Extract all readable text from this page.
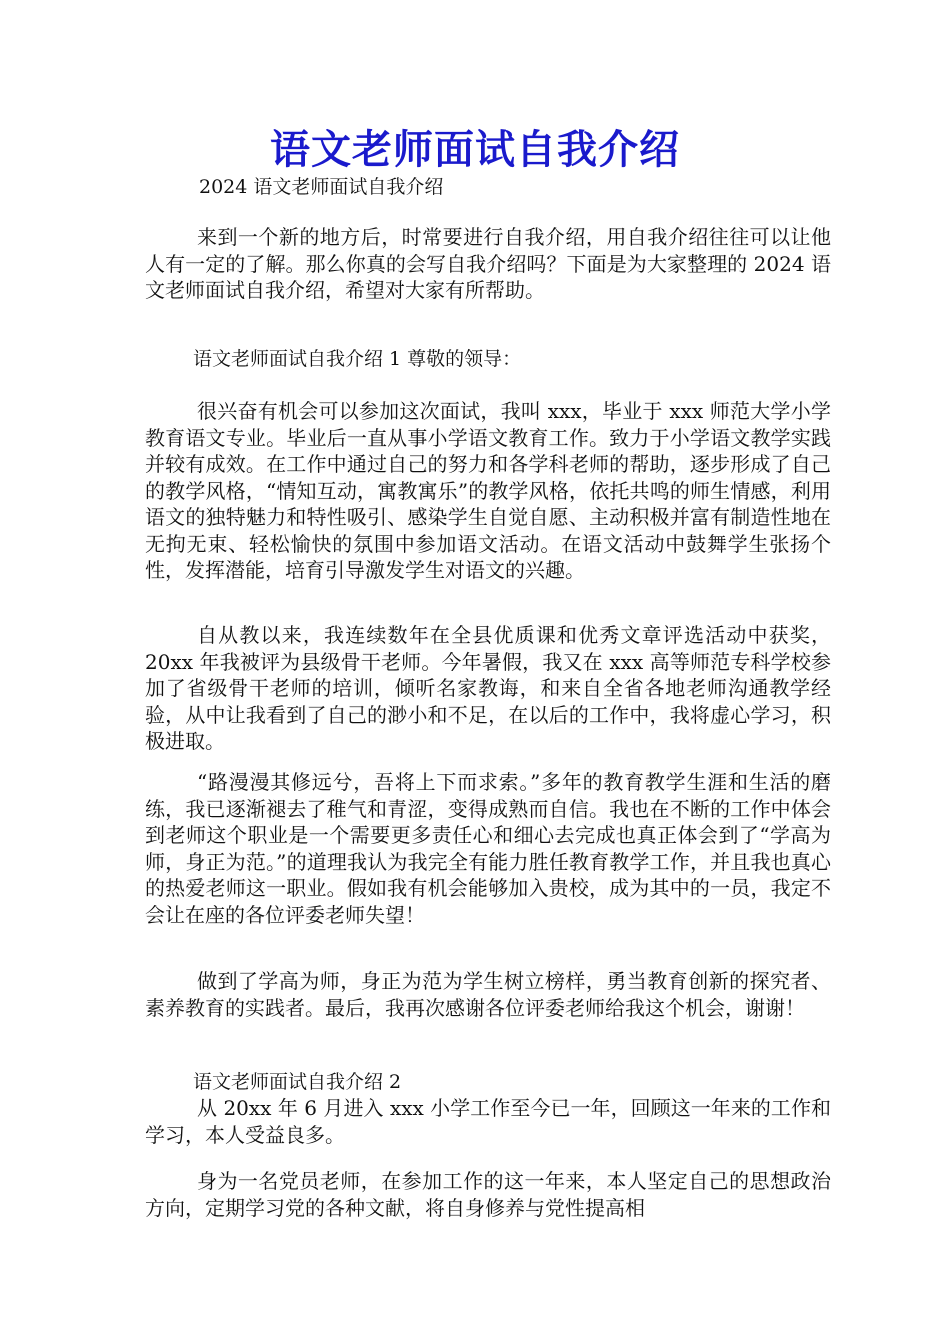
语文老师面试自我介绍
2024 语文老师面试自我介绍

来到一个新的地方后，时常要进行自我介绍，用自我介绍往往可以让他人有一定的了解。那么你真的会写自我介绍吗？下面是为大家整理的 2024 语文老师面试自我介绍，希望对大家有所帮助。

语文老师面试自我介绍 1 尊敬的领导：

很兴奋有机会可以参加这次面试，我叫 xxx，毕业于 xxx 师范大学小学教育语文专业。毕业后一直从事小学语文教育工作。致力于小学语文教学实践并较有成效。在工作中通过自己的努力和各学科老师的帮助，逐步形成了自己的教学风格，“情知互动，寓教寓乐”的教学风格，依托共鸣的师生情感，利用语文的独特魅力和特性吸引、感染学生自觉自愿、主动积极并富有制造性地在无拘无束、轻松愉快的氛围中参加语文活动。在语文活动中鼓舞学生张扬个性，发挥潜能，培育引导激发学生对语文的兴趣。

自从教以来，我连续数年在全县优质课和优秀文章评选活动中获奖，20xx 年我被评为县级骨干老师。今年暑假，我又在 xxx 高等师范专科学校参加了省级骨干老师的培训，倾听名家教诲，和来自全省各地老师沟通教学经验，从中让我看到了自己的渺小和不足，在以后的工作中，我将虚心学习，积极进取。

“路漫漫其修远兮，吾将上下而求索。”多年的教育教学生涯和生活的磨练，我已逐渐褪去了稚气和青涩，变得成熟而自信。我也在不断的工作中体会到老师这个职业是一个需要更多责任心和细心去完成也真正体会到了“学高为师，身正为范。”的道理我认为我完全有能力胜任教育教学工作，并且我也真心的热爱老师这一职业。假如我有机会能够加入贵校，成为其中的一员，我定不会让在座的各位评委老师失望！

做到了学高为师，身正为范为学生树立榜样，勇当教育创新的探究者、素养教育的实践者。最后，我再次感谢各位评委老师给我这个机会，谢谢！

语文老师面试自我介绍 2

从 20xx 年 6 月进入 xxx 小学工作至今已一年，回顾这一年来的工作和学习，本人受益良多。

身为一名党员老师，在参加工作的这一年来，本人坚定自己的思想政治方向，定期学习党的各种文献，将自身修养与党性提高相
